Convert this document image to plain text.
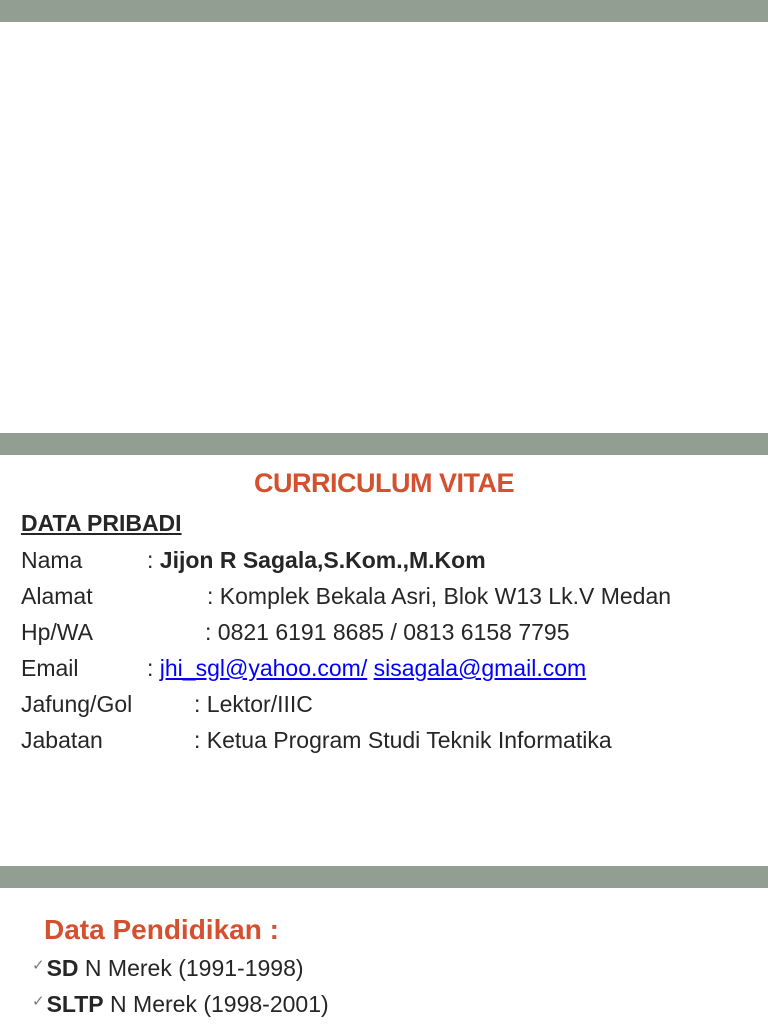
CURRICULUM VITAE
DATA PRIBADI
Nama	: Jijon R Sagala,S.Kom.,M.Kom
Alamat	: Komplek Bekala Asri, Blok W13 Lk.V Medan
Hp/WA	: 0821 6191 8685 / 0813 6158 7795
Email	: jhi_sgl@yahoo.com/ sisagala@gmail.com
Jafung/Gol	: Lektor/IIIC
Jabatan	: Ketua Program Studi Teknik Informatika
Data Pendidikan :
✓SD N Merek (1991-1998)
✓SLTP N Merek (1998-2001)
